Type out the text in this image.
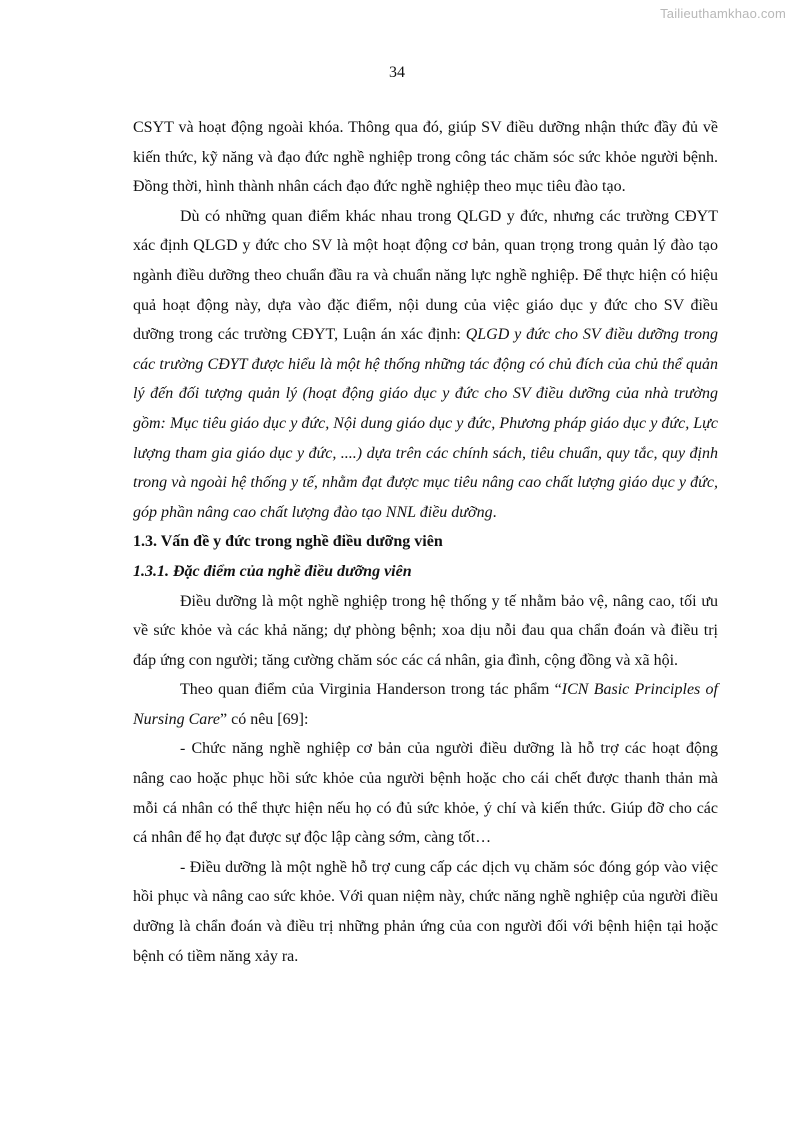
Tailieuthamkhao.com
34

CSYT và hoạt động ngoài khóa. Thông qua đó, giúp SV điều dưỡng nhận thức đầy đủ về kiến thức, kỹ năng và đạo đức nghề nghiệp trong công tác chăm sóc sức khỏe người bệnh. Đồng thời, hình thành nhân cách đạo đức nghề nghiệp theo mục tiêu đào tạo.

Dù có những quan điểm khác nhau trong QLGD y đức, nhưng các trường CĐYT xác định QLGD y đức cho SV là một hoạt động cơ bản, quan trọng trong quản lý đào tạo ngành điều dưỡng theo chuẩn đầu ra và chuẩn năng lực nghề nghiệp. Để thực hiện có hiệu quả hoạt động này, dựa vào đặc điểm, nội dung của việc giáo dục y đức cho SV điều dưỡng trong các trường CĐYT, Luận án xác định: QLGD y đức cho SV điều dưỡng trong các trường CĐYT được hiểu là một hệ thống những tác động có chủ đích của chủ thể quản lý đến đối tượng quản lý (hoạt động giáo dục y đức cho SV điều dưỡng của nhà trường gồm: Mục tiêu giáo dục y đức, Nội dung giáo dục y đức, Phương pháp giáo dục y đức, Lực lượng tham gia giáo dục y đức, ....) dựa trên các chính sách, tiêu chuẩn, quy tắc, quy định trong và ngoài hệ thống y tế, nhằm đạt được mục tiêu nâng cao chất lượng giáo dục y đức, góp phần nâng cao chất lượng đào tạo NNL điều dưỡng.

1.3. Vấn đề y đức trong nghề điều dưỡng viên

1.3.1. Đặc điểm của nghề điều dưỡng viên

Điều dưỡng là một nghề nghiệp trong hệ thống y tế nhằm bảo vệ, nâng cao, tối ưu về sức khỏe và các khả năng; dự phòng bệnh; xoa dịu nỗi đau qua chẩn đoán và điều trị đáp ứng con người; tăng cường chăm sóc các cá nhân, gia đình, cộng đồng và xã hội.

Theo quan điểm của Virginia Handerson trong tác phẩm “ICN Basic Principles of Nursing Care” có nêu [69]:

- Chức năng nghề nghiệp cơ bản của người điều dưỡng là hỗ trợ các hoạt động nâng cao hoặc phục hồi sức khỏe của người bệnh hoặc cho cái chết được thanh thản mà mỗi cá nhân có thể thực hiện nếu họ có đủ sức khỏe, ý chí và kiến thức. Giúp đỡ cho các cá nhân để họ đạt được sự độc lập càng sớm, càng tốt…

- Điều dưỡng là một nghề hỗ trợ cung cấp các dịch vụ chăm sóc đóng góp vào việc hồi phục và nâng cao sức khỏe. Với quan niệm này, chức năng nghề nghiệp của người điều dưỡng là chẩn đoán và điều trị những phản ứng của con người đối với bệnh hiện tại hoặc bệnh có tiềm năng xảy ra.
